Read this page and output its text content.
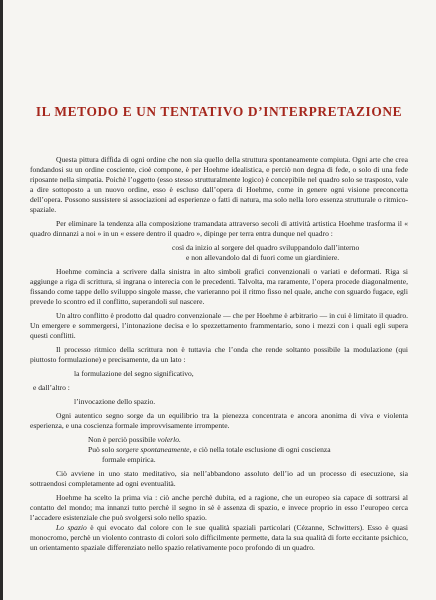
IL METODO E UN TENTATIVO D’INTERPRETAZIONE

Questa pittura diffida di ogni ordine che non sia quello della struttura spontaneamente compiuta. Ogni arte che crea fondandosi su un ordine cosciente, cioè compone, è per Hoehme idealistica, e perciò non degna di fede, o solo di una fede riposante nella simpatia. Poichè l’oggetto (esso stesso strutturalmente logico) è concepibile nel quadro solo se trasposto, vale a dire sottoposto a un nuovo ordine, esso è escluso dall’opera di Hoehme, come in genere ogni visione preconcetta dell’opera. Possono sussistere si associazioni ad esperienze o fatti di natura, ma solo nella loro essenza strutturale o ritmico-spaziale.

Per eliminare la tendenza alla composizione tramandata attraverso secoli di attività artistica Hoehme trasforma il « quadro dinnanzi a noi » in un « essere dentro il quadro », dipinge per terra entra dunque nel quadro :

così da inizio al sorgere del quadro sviluppandolo dall’interno
e non allevandolo dal di fuori come un giardiniere.

Hoehme comincia a scrivere dalla sinistra in alto simboli grafici convenzionali o variati e deformati. Riga si aggiunge a riga di scrittura, si ingrana o interecia con le precedenti. Talvolta, ma raramente, l’opera procede diagonalmente, fissando come tappe dello sviluppo singole masse, che varieranno poi il ritmo fisso nel quale, anche con sguardo fugace, egli prevede lo scontro ed il conflitto, superandoli sul nascere.

Un altro conflitto è prodotto dal quadro convenzionale — che per Hoehme è arbitrario — in cui è limitato il quadro. Un emergere e sommergersi, l’intonazione decisa e lo spezzettamento frammentario, sono i mezzi con i quali egli supera questi conflitti.

Il processo ritmico della scrittura non è tuttavia che l’onda che rende soltanto possibile la modulazione (qui piuttosto formulazione) e precisamente, da un lato :

la formulazione del segno significativo,
e dall’altro :
l’invocazione dello spazio.

Ogni autentico segno sorge da un equilibrio tra la pienezza concentrata e ancora anonima di viva e violenta esperienza, e una coscienza formale improvvisamente irrompente.

Non è perciò possibile volerlo.
Può solo sorgere spontaneamente, e ciò nella totale esclusione di ogni coscienza
formale empirica.

Ciò avviene in uno stato meditativo, sia nell’abbandono assoluto dell’io ad un processo di esecuzione, sia sottraendosi completamente ad ogni eventualità.

Hoehme ha scelto la prima via : ciò anche perchè dubita, ed a ragione, che un europeo sia capace di sottrarsi al contatto del mondo; ma innanzi tutto perchè il segno in sè è assenza di spazio, e invece proprio in esso l’europeo cerca l’accadere esistenziale che può svolgersi solo nello spazio.

Lo spazio è qui evocato dal colore con le sue qualità spaziali particolari (Cézanne, Schwitters). Esso è quasi monocromo, perchè un violento contrasto di colori solo difficilmente permette, data la sua qualità di forte eccitante psichico, un orientamento spaziale differenziato nello spazio relativamente poco profondo di un quadro.
